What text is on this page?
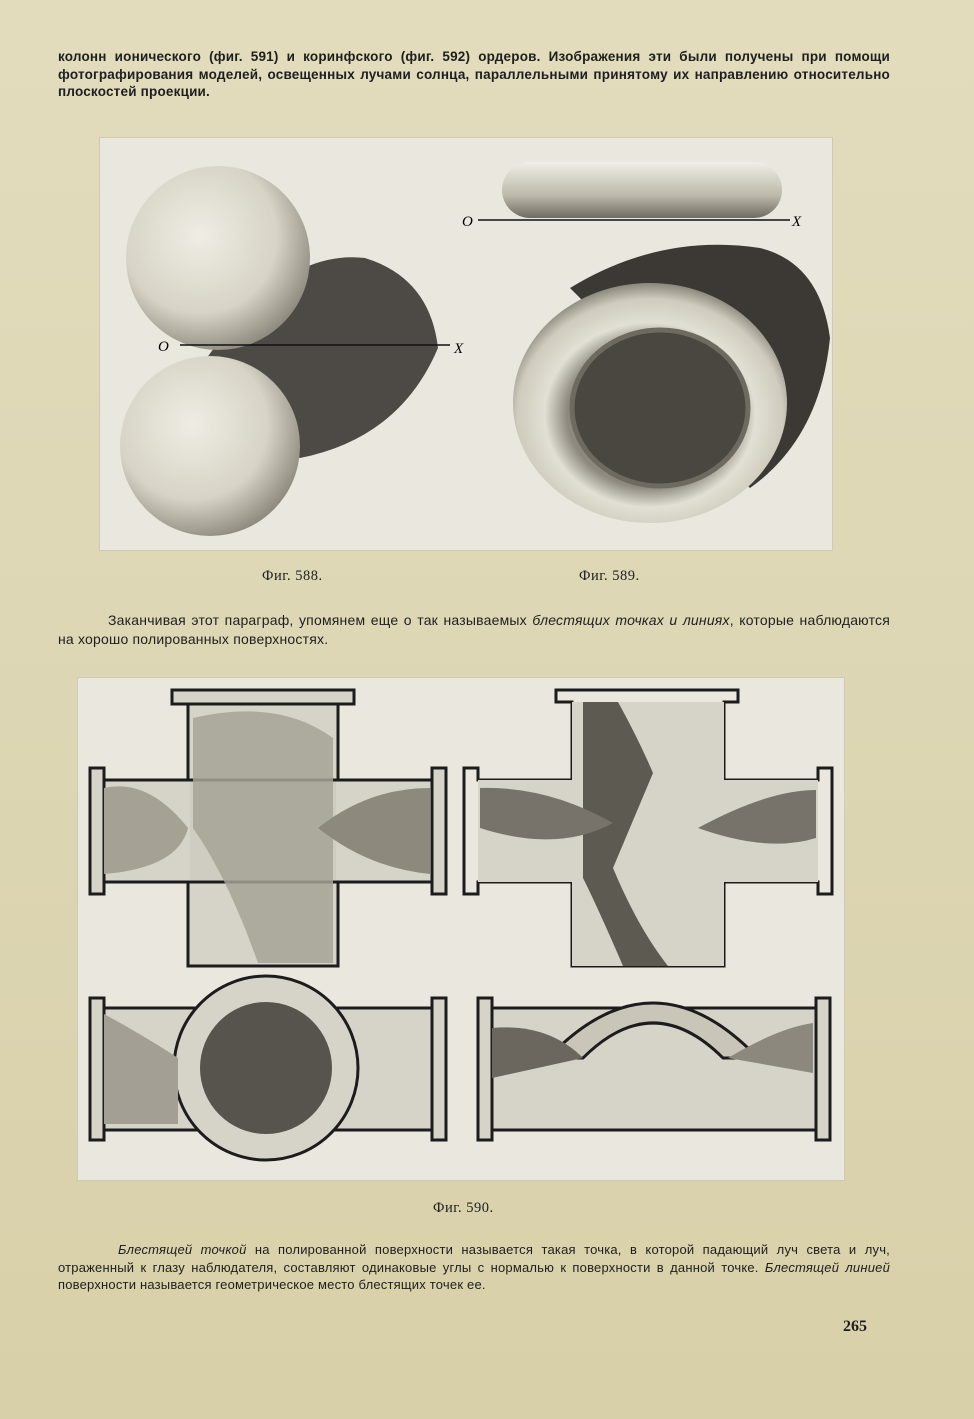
колонн ионического (фиг. 591) и коринфского (фиг. 592) ордеров. Изображения эти были получены при помощи фотографирования моделей, освещенных лучами солнца, параллельными принятому их направлению относительно плоскостей проекции.

O	X
O	X
Фиг. 588.	Фиг. 589.

Заканчивая этот параграф, упомянем еще о так называемых блестящих точках и линиях, которые наблюдаются на хорошо полированных поверхностях.

Фиг. 590.

Блестящей точкой на полированной поверхности называется такая точка, в которой падающий луч света и луч, отраженный к глазу наблюдателя, составляют одинаковые углы с нормалью к поверхности в данной точке. Блестящей линией поверхности называется геометрическое место блестящих точек ее.

265
